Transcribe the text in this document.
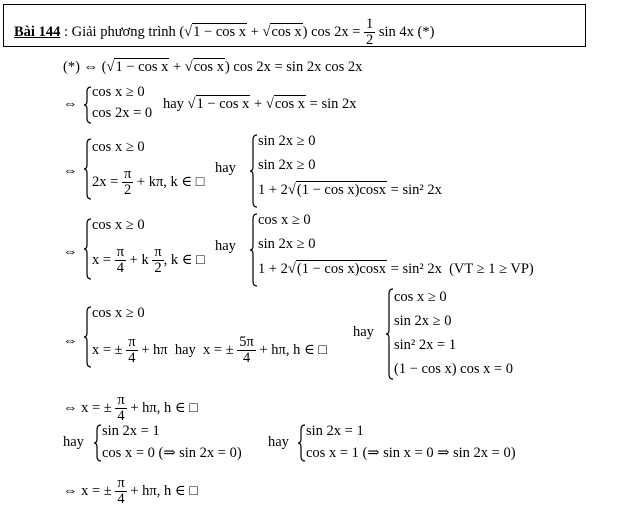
Bài 144 : Giải phương trình (√1 − cos x + √cos x) $\cos 2x = \frac{1}{2}$ sin 4x (*)
(*) ⇔ (√1 − cos x + √cos x) cos 2x = sin 2x cos 2x
⇔
cos x ≥ 0
cos 2x = 0
hay √1 − cos x + √cos x = sin 2x
⇔
cos x ≥ 0
$2x = \frac{\pi}{2} + k\pi$, k ∈ □
hay
sin 2x ≥ 0
sin 2x ≥ 0
1 + 2√(1 − cos x)cosx = sin² 2x
⇔
cos x ≥ 0
$x = \frac{\pi}{4} + k \frac{\pi}{2}$ , k ∈ □
hay
cos x ≥ 0
sin 2x ≥ 0
1 + 2√(1 − cos x)cosx = sin² 2x  (VT ≥ 1 ≥ VP)
⇔
cos x ≥ 0
x = ± $\frac{\pi}{4} + h\pi$  hay  x = ± $\frac{5\pi}{4} + h\pi$, h ∈ □
hay
cos x ≥ 0
sin 2x ≥ 0
sin² 2x = 1
(1 − cos x) cos x = 0
⇔ x = ± $\frac{\pi}{4} + h\pi$, h ∈ □
hay
sin 2x = 1
cos x = 0 (⇒ sin 2x = 0)
hay
sin 2x = 1
cos x = 1 (⇒ sin x = 0 ⇒ sin 2x = 0)
⇔ x = ± $\frac{\pi}{4} + h\pi$, h ∈ □
